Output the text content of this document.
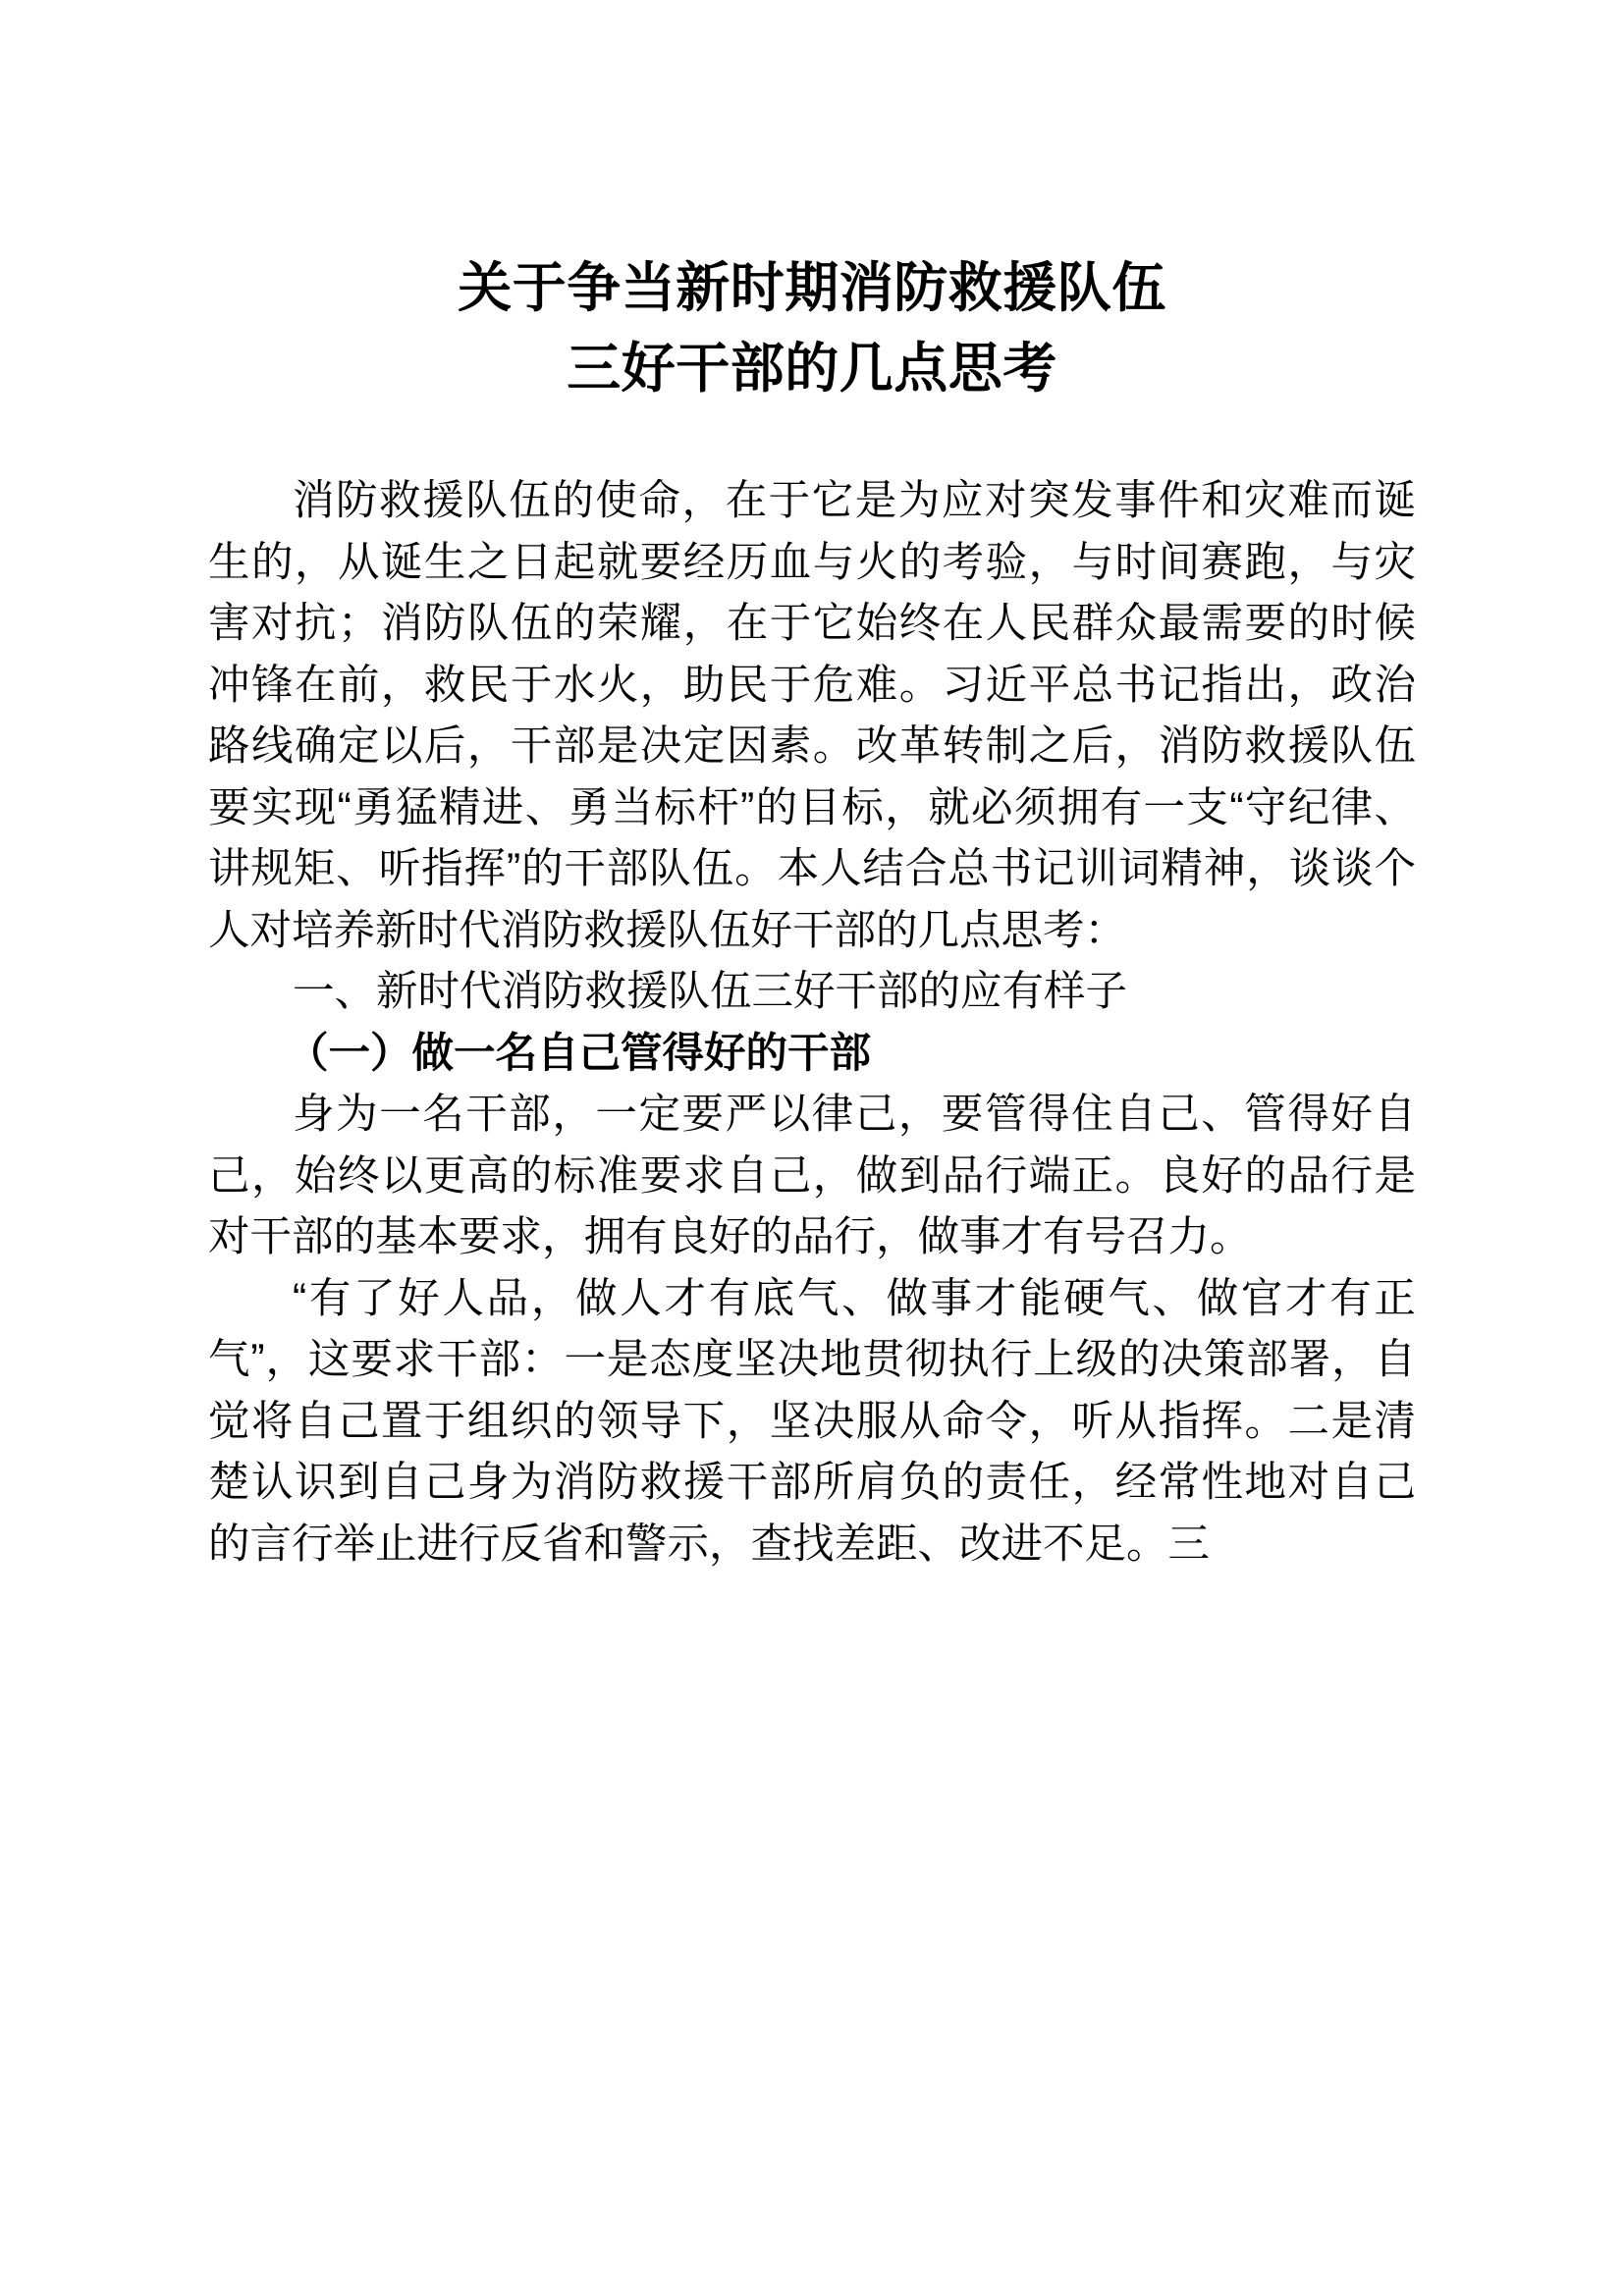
关于争当新时期消防救援队伍
三好干部的几点思考

消防救援队伍的使命，在于它是为应对突发事件和灾难而诞生的，从诞生之日起就要经历血与火的考验，与时间赛跑，与灾害对抗；消防队伍的荣耀，在于它始终在人民群众最需要的时候冲锋在前，救民于水火，助民于危难。习近平总书记指出，政治路线确定以后，干部是决定因素。改革转制之后，消防救援队伍要实现“勇猛精进、勇当标杆”的目标，就必须拥有一支“守纪律、讲规矩、听指挥”的干部队伍。本人结合总书记训词精神，谈谈个人对培养新时代消防救援队伍好干部的几点思考：

一、新时代消防救援队伍三好干部的应有样子

（一）做一名自己管得好的干部

身为一名干部，一定要严以律己，要管得住自己、管得好自己，始终以更高的标准要求自己，做到品行端正。良好的品行是对干部的基本要求，拥有良好的品行，做事才有号召力。

“有了好人品，做人才有底气、做事才能硬气、做官才有正气”，这要求干部：一是态度坚决地贯彻执行上级的决策部署，自觉将自己置于组织的领导下，坚决服从命令，听从指挥。二是清楚认识到自己身为消防救援干部所肩负的责任，经常性地对自己的言行举止进行反省和警示，查找差距、改进不足。三
